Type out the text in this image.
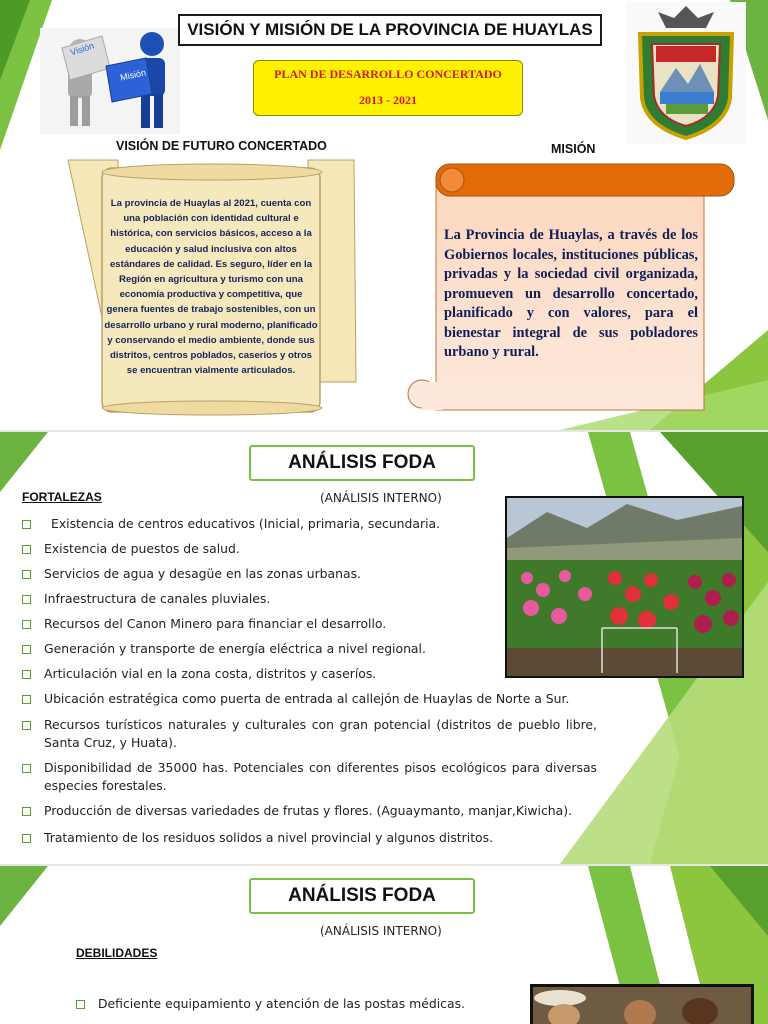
Visión
Misión
VISIÓN Y MISIÓN DE LA PROVINCIA DE HUAYLAS
PLAN DE DESARROLLO CONCERTADO
2013 - 2021
VISIÓN DE FUTURO CONCERTADO	MISIÓN
La provincia de Huaylas al 2021, cuenta con una población con identidad cultural e histórica, con servicios básicos, acceso a la educación y salud inclusiva con altos estándares de calidad. Es seguro, líder en la Región en agricultura y turismo con una economía productiva y competitiva, que genera fuentes de trabajo sostenibles, con un desarrollo urbano y rural moderno, planificado y conservando el medio ambiente, donde sus distritos, centros poblados, caseríos y otros se encuentran vialmente articulados.
La Provincia de Huaylas, a través de los Gobiernos locales, instituciones públicas, privadas y la sociedad civil organizada, promueven un desarrollo concertado, planificado y con valores, para el bienestar integral de sus pobladores urbano y rural.
ANÁLISIS FODA
FORTALEZAS	(ANÁLISIS INTERNO)
Existencia de centros educativos (Inicial, primaria, secundaria.
Existencia de puestos de salud.
Servicios de agua y desagüe en las zonas urbanas.
Infraestructura de canales pluviales.
Recursos del Canon Minero para financiar el desarrollo.
Generación y transporte de energía eléctrica a nivel regional.
Articulación vial en la zona costa, distritos y caseríos.
Ubicación estratégica como puerta de entrada al callejón de Huaylas de Norte a Sur.
Recursos turísticos naturales y culturales con gran potencial (distritos de pueblo libre, Santa Cruz, y Huata).
Disponibilidad de 35000 has. Potenciales con diferentes pisos ecológicos para diversas especies forestales.
Producción de diversas variedades de frutas y flores. (Aguaymanto, manjar,Kiwicha).
Tratamiento de los residuos solidos a nivel provincial y algunos distritos.
ANÁLISIS FODA
(ANÁLISIS INTERNO)
DEBILIDADES
Deficiente equipamiento y atención de las postas médicas.
